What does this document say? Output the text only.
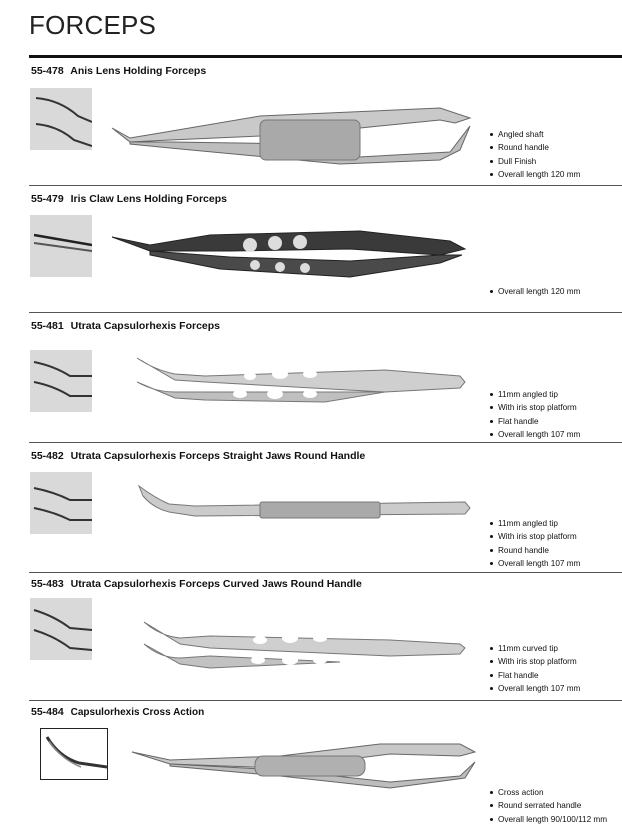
FORCEPS
55-478 Anis Lens Holding Forceps
Angled shaft
Round handle
Dull Finish
Overall length 120 mm
55-479 Iris Claw Lens Holding Forceps
Overall length 120 mm
55-481 Utrata Capsulorhexis Forceps
11mm angled tip
With iris stop platform
Flat handle
Overall length 107 mm
55-482 Utrata Capsulorhexis Forceps Straight Jaws Round Handle
11mm angled tip
With iris stop platform
Round handle
Overall length 107 mm
55-483 Utrata Capsulorhexis Forceps Curved Jaws Round Handle
11mm curved tip
With iris stop platform
Flat handle
Overall length 107 mm
55-484 Capsulorhexis Cross Action
Cross action
Round serrated handle
Overall length 90/100/112 mm
